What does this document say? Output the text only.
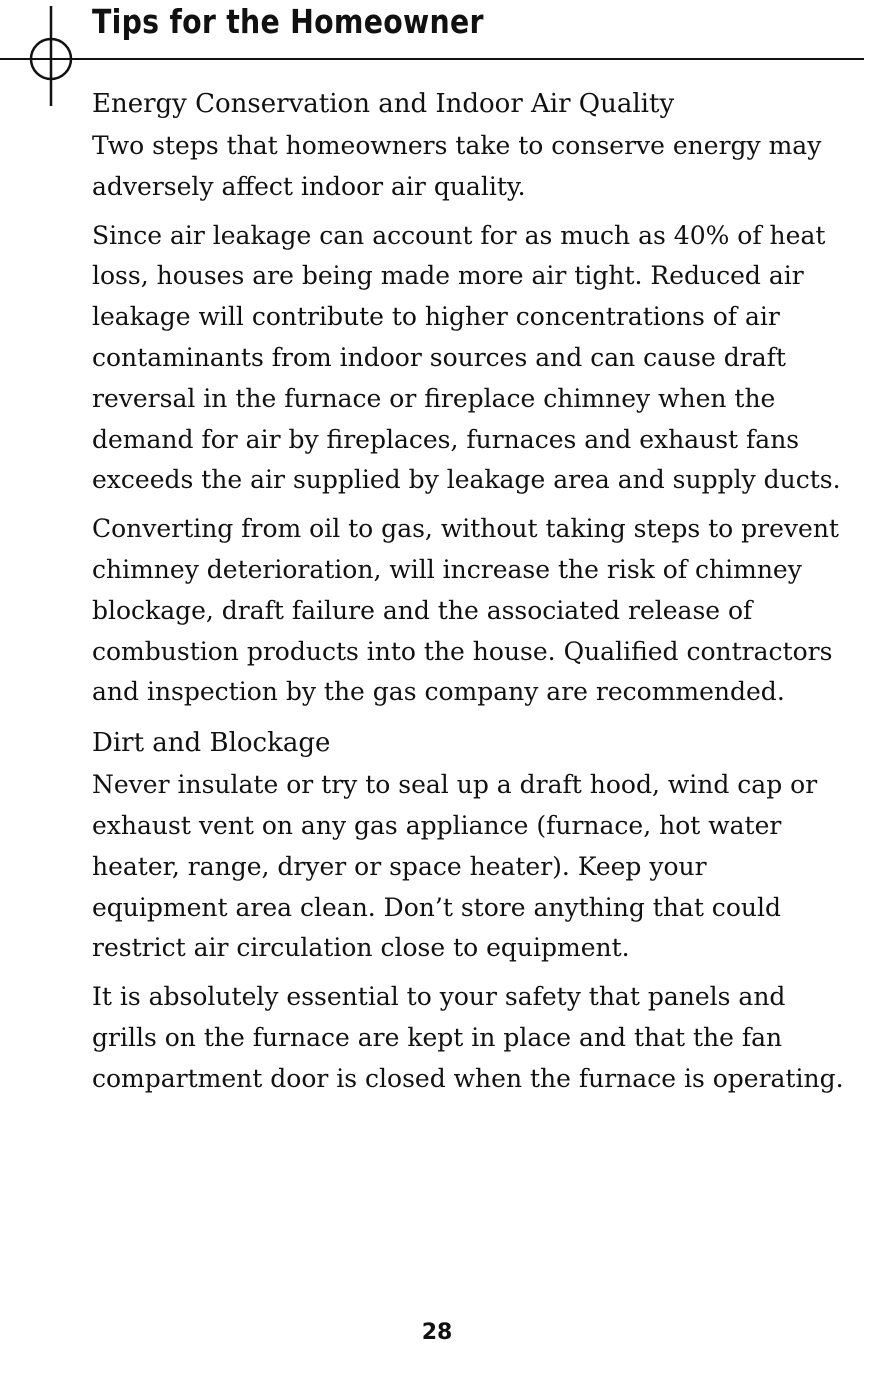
Tips for the Homeowner
Energy Conservation and Indoor Air Quality

Two steps that homeowners take to conserve energy may adversely affect indoor air quality.

Since air leakage can account for as much as 40% of heat loss, houses are being made more air tight. Reduced air leakage will contribute to higher concentrations of air contaminants from indoor sources and can cause draft reversal in the furnace or fireplace chimney when the demand for air by fireplaces, furnaces and exhaust fans exceeds the air supplied by leakage area and supply ducts.

Converting from oil to gas, without taking steps to prevent chimney deterioration, will increase the risk of chimney blockage, draft failure and the associated release of combustion products into the house. Qualified contractors and inspection by the gas company are recommended.

Dirt and Blockage

Never insulate or try to seal up a draft hood, wind cap or exhaust vent on any gas appliance (furnace, hot water heater, range, dryer or space heater). Keep your equipment area clean. Don’t store anything that could restrict air circulation close to equipment.

It is absolutely essential to your safety that panels and grills on the furnace are kept in place and that the fan compartment door is closed when the furnace is operating.

28
